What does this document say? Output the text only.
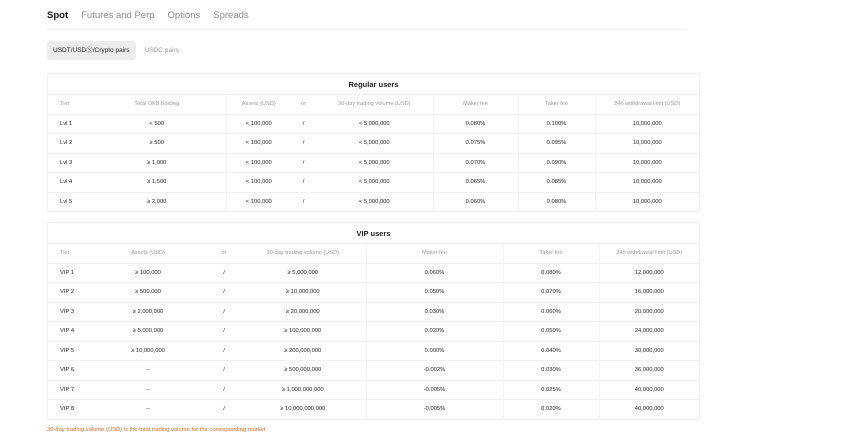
Spot Futures and Perp Options Spreads
USDT/USDⓈ/Crypto pairs	USDC pairs
Regular users
Tier	Total OKB holding	Assets (USD)	or	30-day trading volume (USD)	Maker fee	Taker fee	24h withdrawal limit (USD)
Lvl 1	< 500	< 100,000	/	< 5,000,000	0.080%	0.100%	10,000,000
Lvl 2	≥ 500	< 100,000	/	< 5,000,000	0.075%	0.095%	10,000,000
Lvl 3	≥ 1,000	< 100,000	/	< 5,000,000	0.070%	0.090%	10,000,000
Lvl 4	≥ 1,500	< 100,000	/	< 5,000,000	0.065%	0.085%	10,000,000
Lvl 5	≥ 2,000	< 100,000	/	< 5,000,000	0.060%	0.080%	10,000,000
VIP users
Tier	Assets (USD)	or	30-day trading volume (USD)	Maker fee	Taker fee	24h withdrawal limit (USD)
VIP 1	≥ 100,000	/	≥ 5,000,000	0.060%	0.080%	12,000,000
VIP 2	≥ 500,000	/	≥ 10,000,000	0.050%	0.070%	16,000,000
VIP 3	≥ 2,000,000	/	≥ 20,000,000	0.030%	0.060%	20,000,000
VIP 4	≥ 5,000,000	/	≥ 100,000,000	0.020%	0.050%	24,000,000
VIP 5	≥ 10,000,000	/	≥ 200,000,000	0.000%	0.040%	30,000,000
VIP 6	--	/	≥ 500,000,000	-0.002%	0.030%	36,000,000
VIP 7	--	/	≥ 1,000,000,000	-0.005%	0.025%	40,000,000
VIP 8	--	/	≥ 10,000,000,000	-0.005%	0.020%	40,000,000
30-day trading volume (USD) is the total trading volume for the corresponding market
